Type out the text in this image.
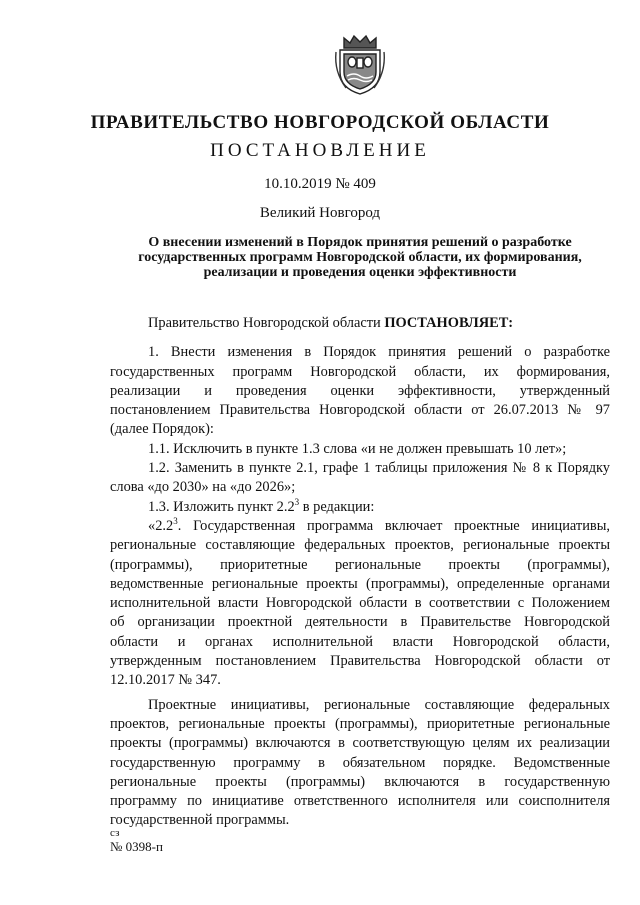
ПРАВИТЕЛЬСТВО НОВГОРОДСКОЙ ОБЛАСТИ
ПОСТАНОВЛЕНИЕ
10.10.2019 № 409
Великий Новгород
О внесении изменений в Порядок принятия решений о разработке
государственных программ Новгородской области, их формирования,
реализации и проведения оценки эффективности
Правительство Новгородской области ПОСТАНОВЛЯЕТ:
1. Внести изменения в Порядок принятия решений о разработке
государственных программ Новгородской области, их формирования,
реализации и проведения оценки эффективности, утвержденный
постановлением Правительства Новгородской области от 26.07.2013 № 97
(далее Порядок):
1.1. Исключить в пункте 1.3 слова «и не должен превышать 10 лет»;
1.2. Заменить в пункте 2.1, графе 1 таблицы приложения № 8 к Порядку
слова «до 2030» на «до 2026»;
1.3. Изложить пункт $2.2^3$ в редакции:
«$2.2^3$. Государственная программа включает проектные инициативы,
региональные составляющие федеральных проектов, региональные проекты
(программы), приоритетные региональные проекты (программы),
ведомственные региональные проекты (программы), определенные органами
исполнительной власти Новгородской области в соответствии с Положением
об организации проектной деятельности в Правительстве Новгородской
области и органах исполнительной власти Новгородской области,
утвержденным постановлением Правительства Новгородской области от
12.10.2017 № 347.
Проектные инициативы, региональные составляющие федеральных
проектов, региональные проекты (программы), приоритетные региональные
проекты (программы) включаются в соответствующую целям их реализации
государственную программу в обязательном порядке. Ведомственные
региональные проекты (программы) включаются в государственную
программу по инициативе ответственного исполнителя или соисполнителя
государственной программы.
сз
№ 0398-п
